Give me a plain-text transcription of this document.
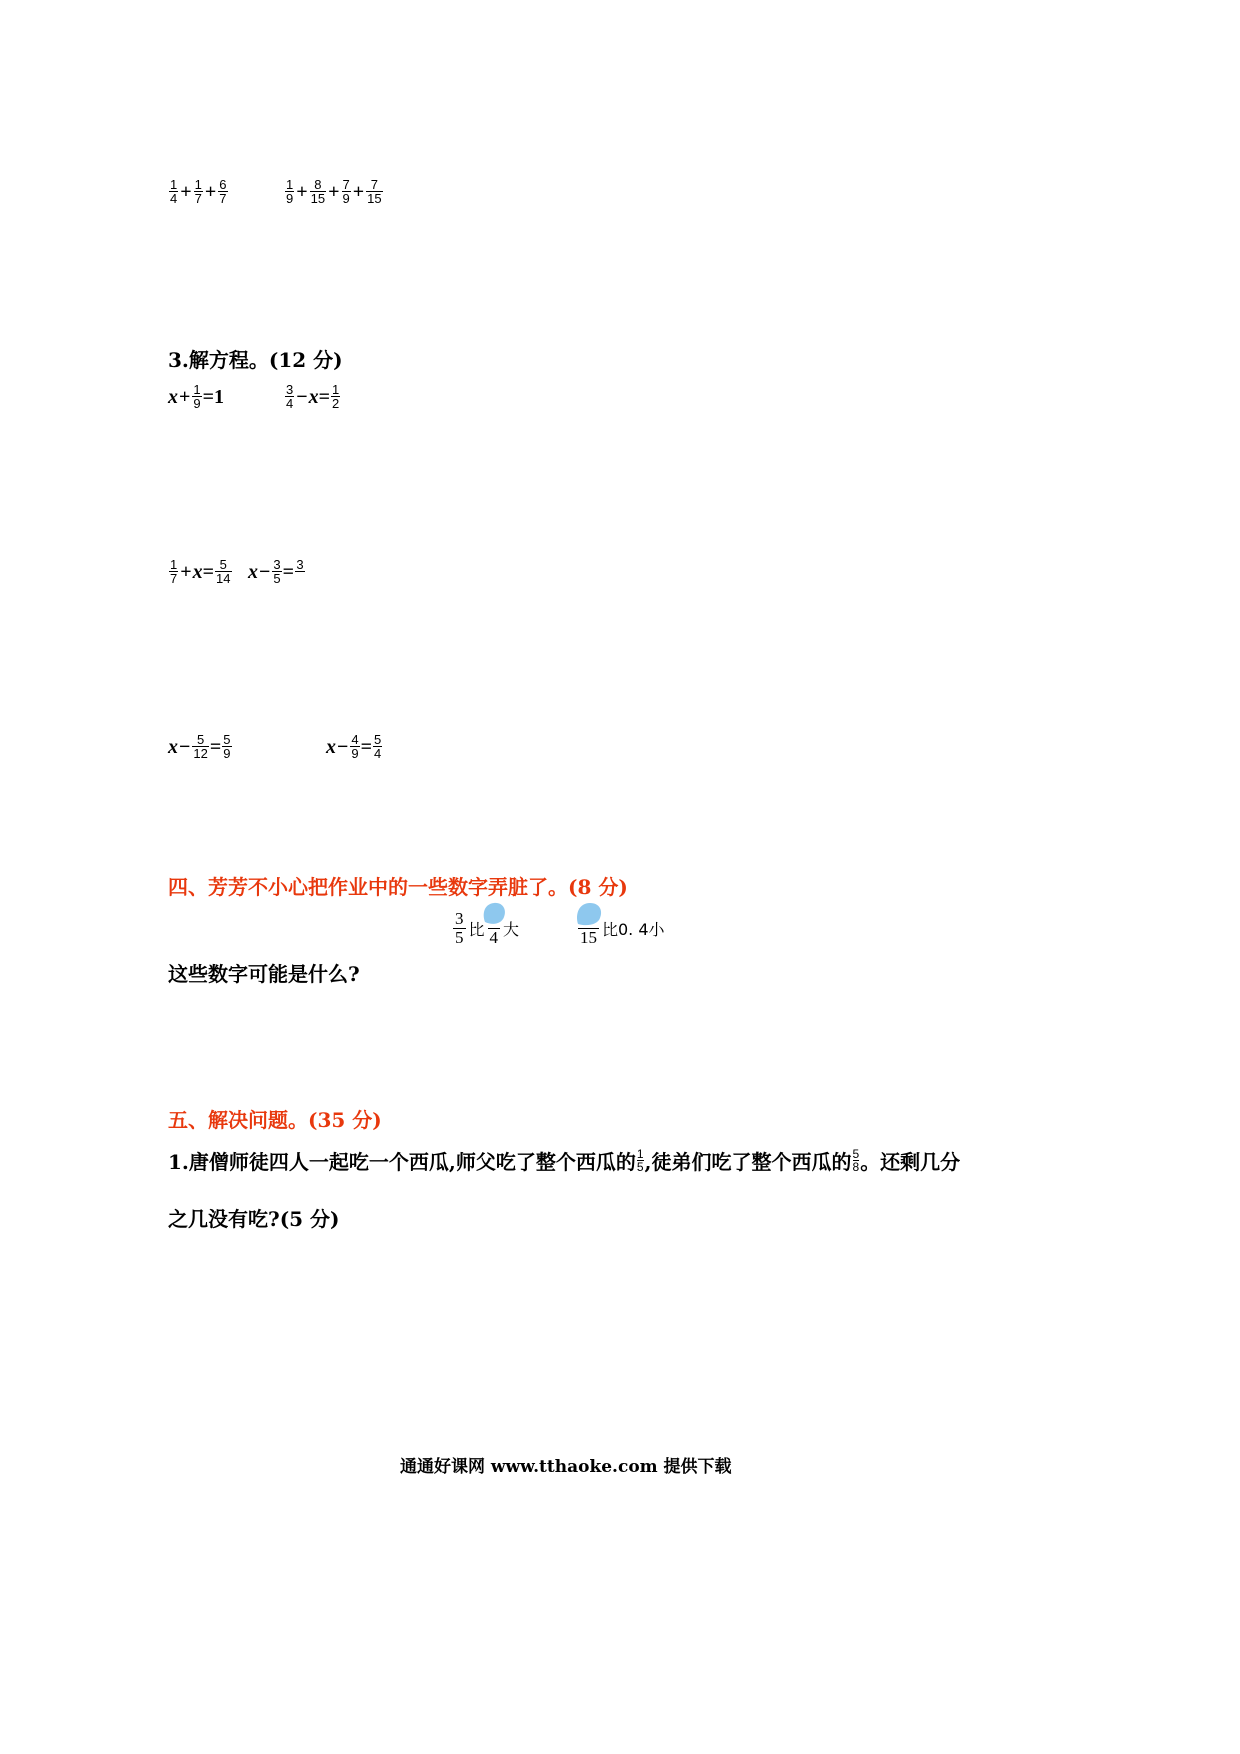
$\frac{1}{4} + \frac{1}{7} + \frac{6}{7}$	$\frac{1}{9} + \frac{8}{15} + \frac{7}{9} + \frac{7}{15}$
3.解方程。(12 分)
$x + \frac{1}{9} =1$	$\frac{3}{4} - x = \frac{1}{2}$
$\frac{1}{7} + x = \frac{5}{14}$ $x - \frac{3}{5} = 3$
$x - \frac{5}{12} = \frac{5}{9}$	$x - \frac{4}{9} = \frac{5}{4}$
四、芳芳不小心把作业中的一些数字弄脏了。(8 分)
3
5 比 4 大	15 比0. 4小
这些数字可能是什么?
五、解决问题。(35 分)
1.唐僧师徒四人一起吃一个西瓜,师父吃了整个西瓜的 $\frac{1}{5}$ ,徒弟们吃了整个西瓜的 $\frac{5}{8}$ 。还剩几分
之几没有吃?(5 分)
通通好课网 www.tthaoke.com 提供下载
